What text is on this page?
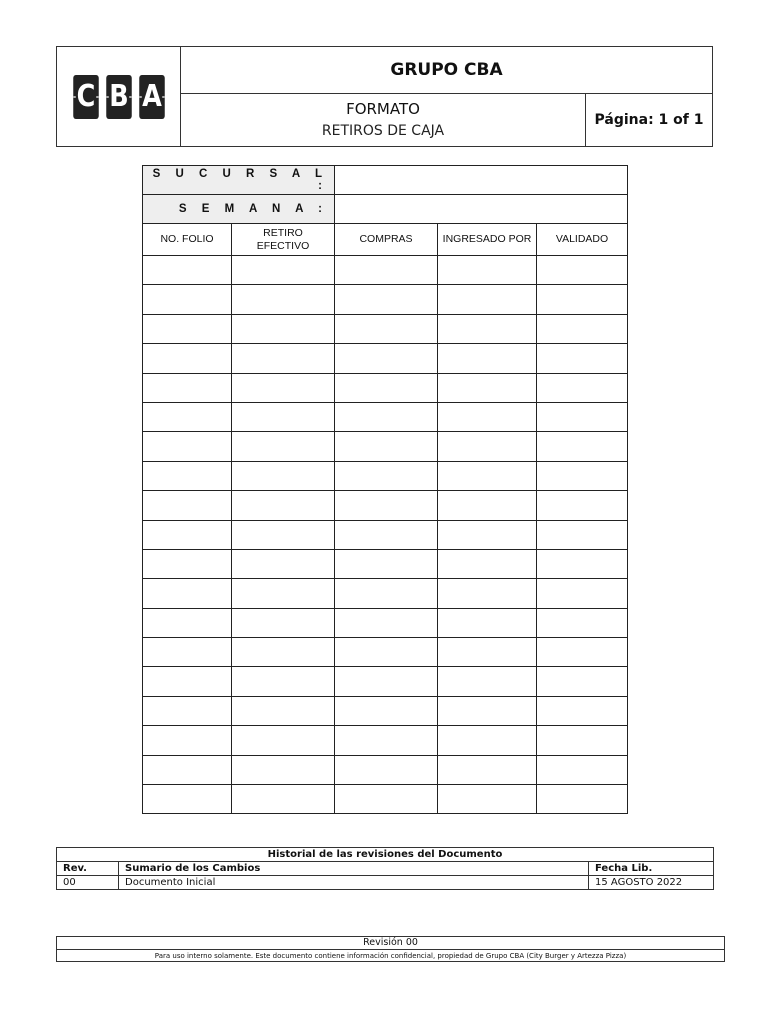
C B A
GRUPO CBA
FORMATO
RETIROS DE CAJA
Página: 1 of 1
S U C U R S A L :				
S E M A N A :				
NO. FOLIO	RETIRO EFECTIVO	COMPRAS	INGRESADO POR	VALIDADO

Historial de las revisiones del Documento		
Rev.	Sumario de los Cambios	Fecha Lib.
00	Documento Inicial	15 AGOSTO 2022
Revisión 00
Para uso interno solamente. Este documento contiene información confidencial, propiedad de Grupo CBA (City Burger y Artezza Pizza)
